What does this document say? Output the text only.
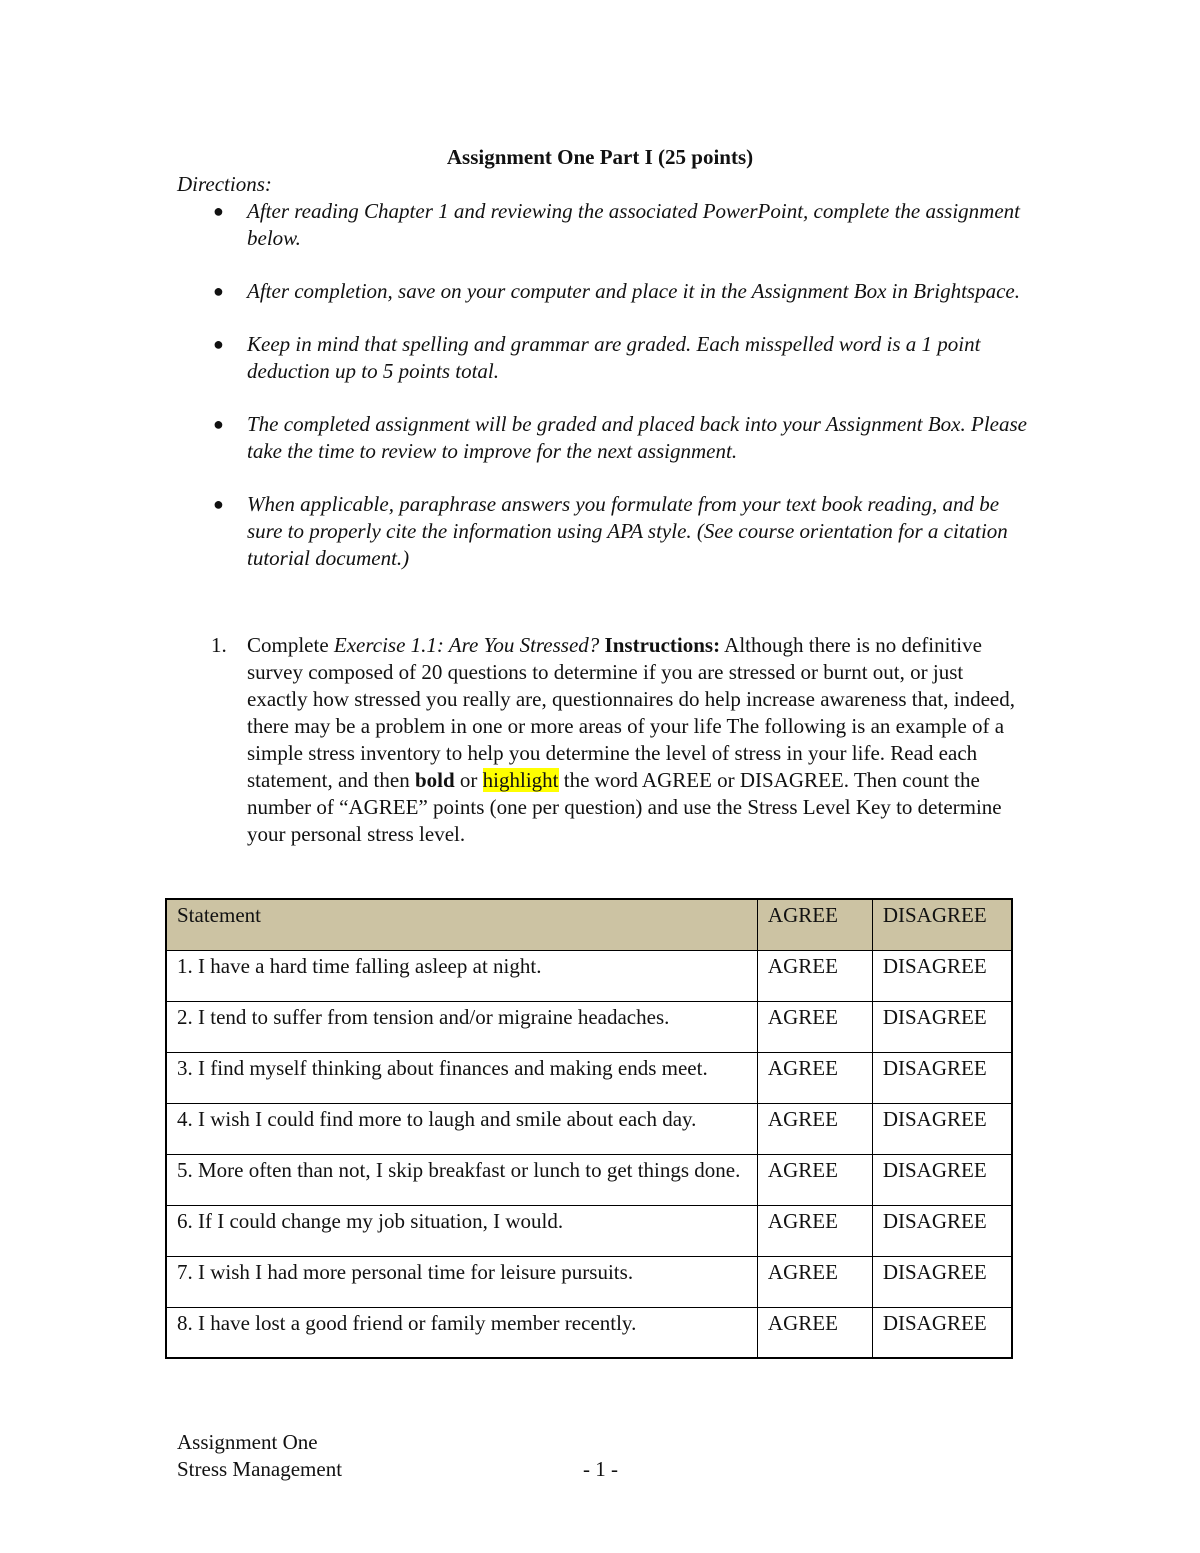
Assignment One Part I (25 points)
Directions:
● After reading Chapter 1 and reviewing the associated PowerPoint, complete the assignment below.
● After completion, save on your computer and place it in the Assignment Box in Brightspace.
● Keep in mind that spelling and grammar are graded. Each misspelled word is a 1 point deduction up to 5 points total.
● The completed assignment will be graded and placed back into your Assignment Box. Please take the time to review to improve for the next assignment.
● When applicable, paraphrase answers you formulate from your text book reading, and be sure to properly cite the information using APA style. (See course orientation for a citation tutorial document.)
1. Complete Exercise 1.1: Are You Stressed? Instructions: Although there is no definitive survey composed of 20 questions to determine if you are stressed or burnt out, or just exactly how stressed you really are, questionnaires do help increase awareness that, indeed, there may be a problem in one or more areas of your life The following is an example of a simple stress inventory to help you determine the level of stress in your life. Read each statement, and then bold or highlight the word AGREE or DISAGREE. Then count the number of “AGREE” points (one per question) and use the Stress Level Key to determine your personal stress level.
Statement	AGREE	DISAGREE
1. I have a hard time falling asleep at night.	AGREE	DISAGREE
2. I tend to suffer from tension and/or migraine headaches.	AGREE	DISAGREE
3. I find myself thinking about finances and making ends meet.	AGREE	DISAGREE
4. I wish I could find more to laugh and smile about each day.	AGREE	DISAGREE
5. More often than not, I skip breakfast or lunch to get things done.	AGREE	DISAGREE
6. If I could change my job situation, I would.	AGREE	DISAGREE
7. I wish I had more personal time for leisure pursuits.	AGREE	DISAGREE
8. I have lost a good friend or family member recently.	AGREE	DISAGREE
Assignment One
Stress Management	- 1 -
